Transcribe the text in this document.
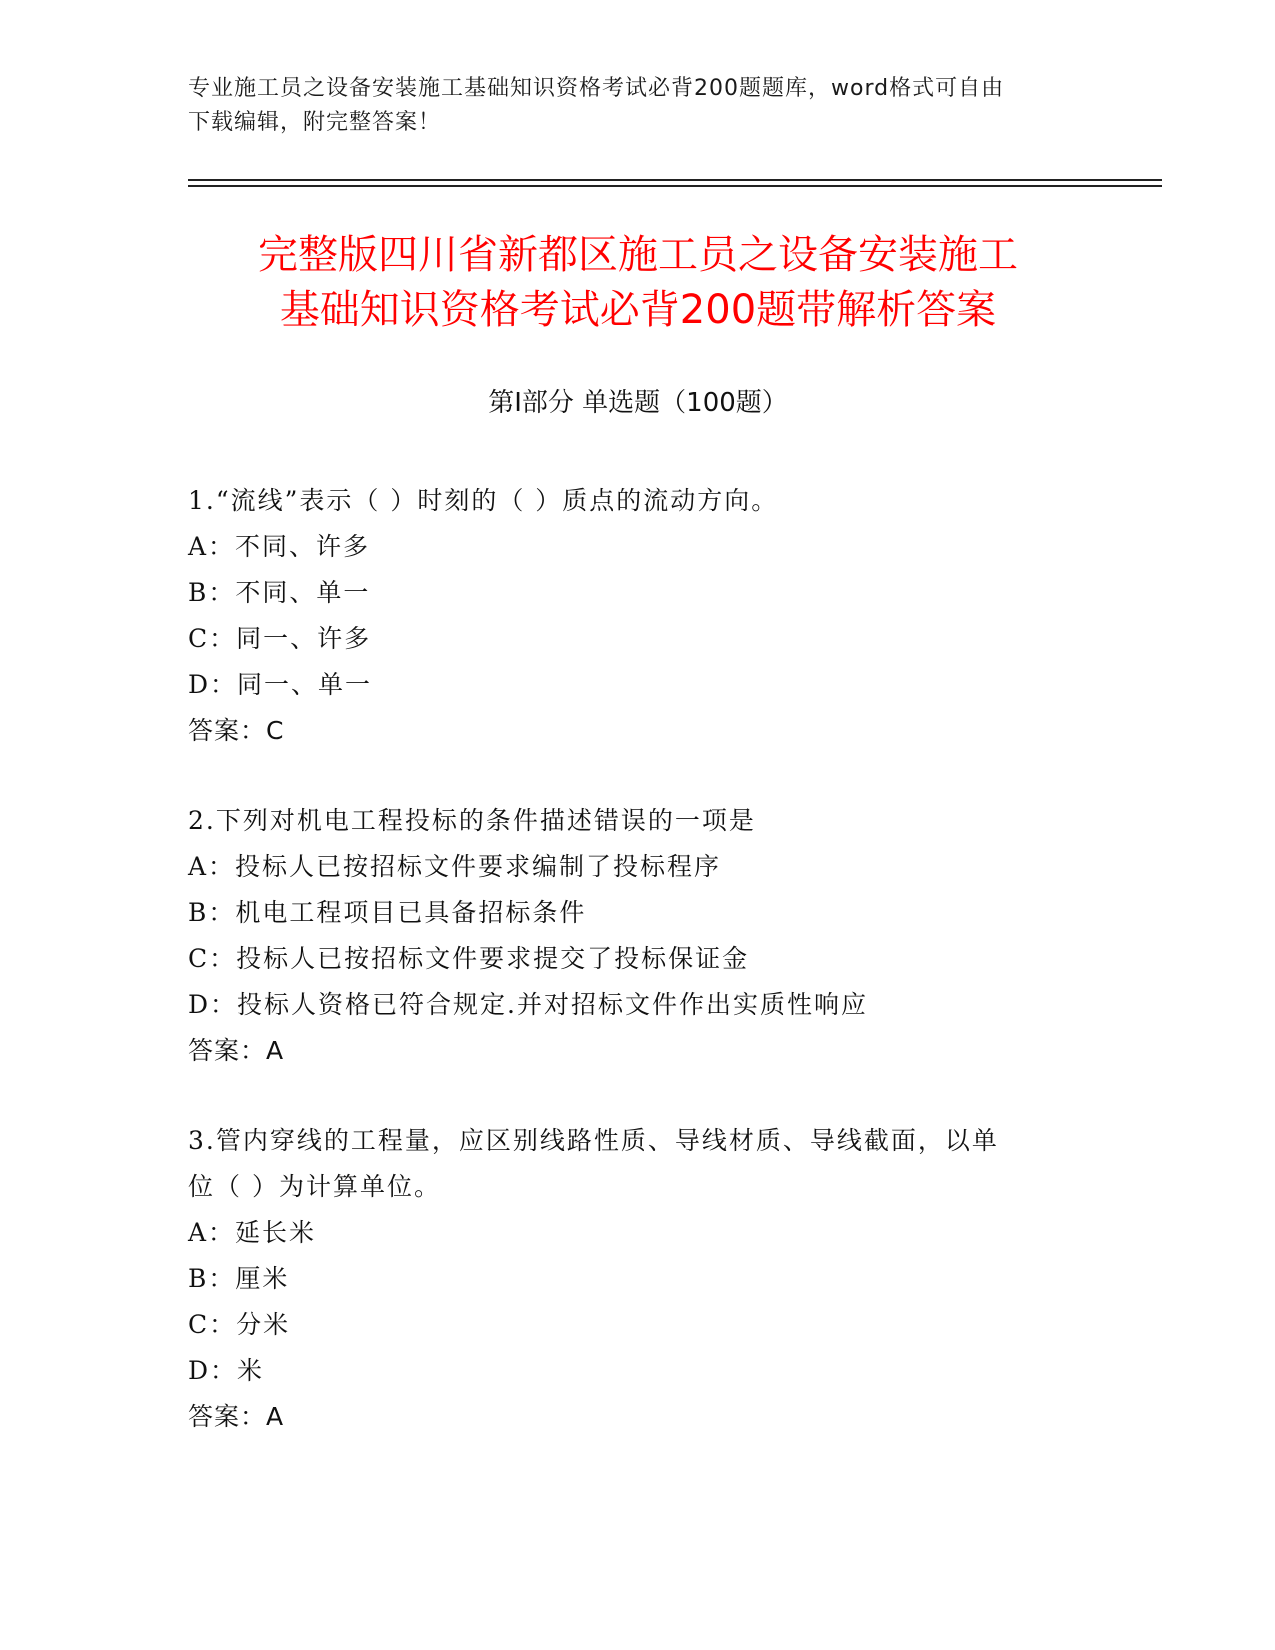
专业施工员之设备安装施工基础知识资格考试必背200题题库，word格式可自由
下载编辑，附完整答案！
完整版四川省新都区施工员之设备安装施工
基础知识资格考试必背200题带解析答案
第Ⅰ部分 单选题（100题）

1.“流线”表示（ ）时刻的（ ）质点的流动方向。

A：不同、许多

B：不同、单一

C：同一、许多

D：同一、单一

答案：C

2.下列对机电工程投标的条件描述错误的一项是

A：投标人已按招标文件要求编制了投标程序

B：机电工程项目已具备招标条件

C：投标人已按招标文件要求提交了投标保证金

D：投标人资格已符合规定.并对招标文件作出实质性响应

答案：A

3.管内穿线的工程量，应区别线路性质、导线材质、导线截面，以单

位（ ）为计算单位。

A：延长米

B：厘米

C：分米

D：米

答案：A
